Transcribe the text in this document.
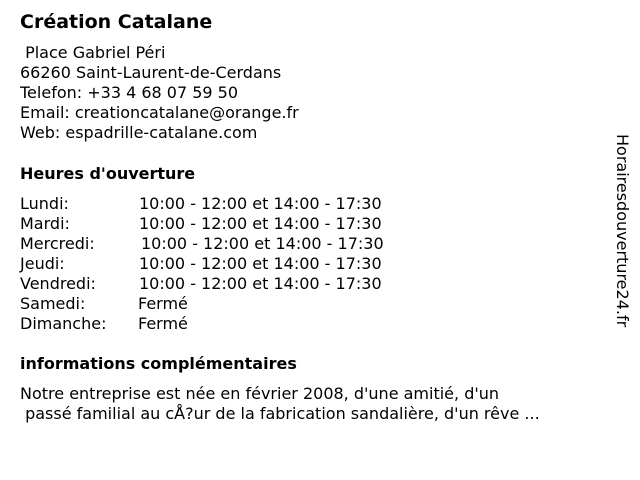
Création Catalane
Place Gabriel Péri
66260 Saint-Laurent-de-Cerdans
Telefon: +33 4 68 07 59 50
Email: creationcatalane@orange.fr
Web: espadrille-catalane.com
Heures d'ouverture
Lundi:	10:00 - 12:00 et 14:00 - 17:30
Mardi:	10:00 - 12:00 et 14:00 - 17:30
Mercredi:	10:00 - 12:00 et 14:00 - 17:30
Jeudi:	10:00 - 12:00 et 14:00 - 17:30
Vendredi:	10:00 - 12:00 et 14:00 - 17:30
Samedi:	Fermé
Dimanche: Fermé
informations complémentaires
Notre entreprise est née en février 2008, d'une amitié, d'un
passé familial au cÅ?ur de la fabrication sandalière, d'un rêve ...
Horairesdouverture24.fr
